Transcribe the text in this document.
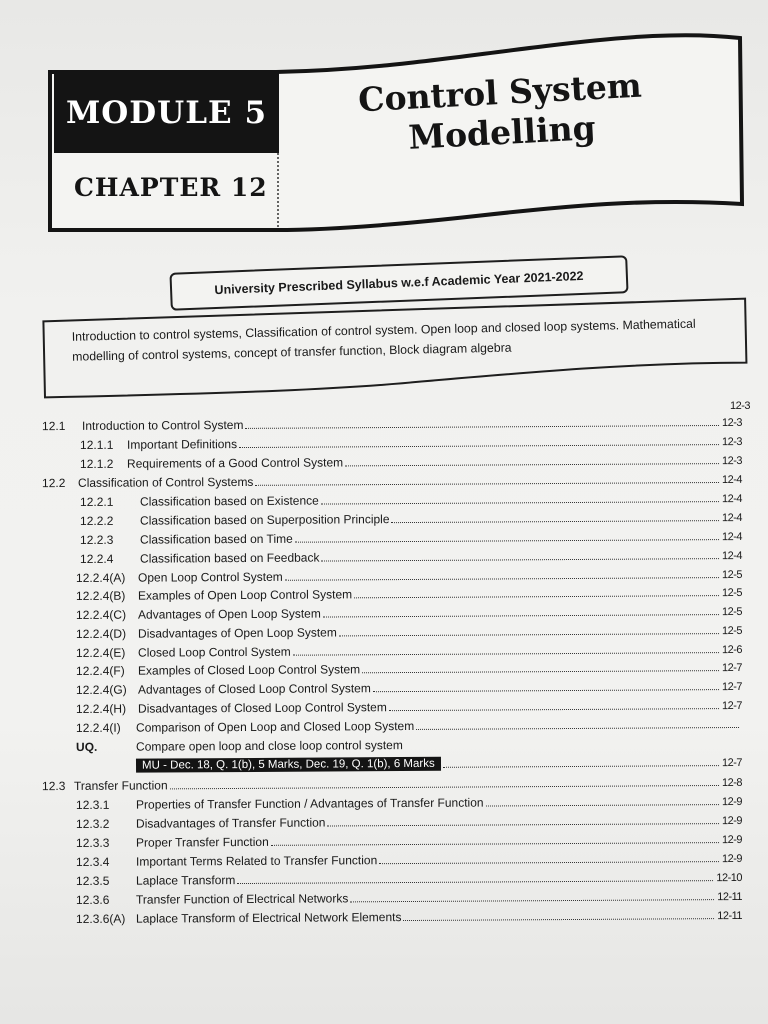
MODULE 5
CHAPTER 12
Control System
Modelling
University Prescribed Syllabus w.e.f Academic Year 2021-2022
Introduction to control systems, Classification of control system. Open loop and closed loop systems. Mathematical modelling of control systems, concept of transfer function, Block diagram algebra
12-3
12.1	Introduction to Control System	12-3
12.1.1	Important Definitions	12-3
12.1.2	Requirements of a Good Control System	12-3
12.2	Classification of Control Systems	12-4
12.2.1	Classification based on Existence	12-4
12.2.2	Classification based on Superposition Principle	12-4
12.2.3	Classification based on Time	12-4
12.2.4	Classification based on Feedback	12-4
12.2.4(A)	Open Loop Control System	12-5
12.2.4(B)	Examples of Open Loop Control System	12-5
12.2.4(C) Advantages of Open Loop System	12-5
12.2.4(D) Disadvantages of Open Loop System	12-5
12.2.4(E)	Closed Loop Control System	12-6
12.2.4(F)	Examples of Closed Loop Control System	12-7
12.2.4(G) Advantages of Closed Loop Control System	12-7
12.2.4(H) Disadvantages of Closed Loop Control System	12-7
12.2.4(I)	Comparison of Open Loop and Closed Loop System
UQ.	Compare open loop and close loop control system
MU - Dec. 18, Q. 1(b), 5 Marks, Dec. 19, Q. 1(b), 6 Marks	12-7
12.3 Transfer Function	12-8
12.3.1	Properties of Transfer Function / Advantages of Transfer Function	12-9
12.3.2	Disadvantages of Transfer Function	12-9
12.3.3	Proper Transfer Function	12-9
12.3.4	Important Terms Related to Transfer Function	12-9
12.3.5	Laplace Transform	12-10
12.3.6	Transfer Function of Electrical Networks	12-11
12.3.6(A) Laplace Transform of Electrical Network Elements	12-11
